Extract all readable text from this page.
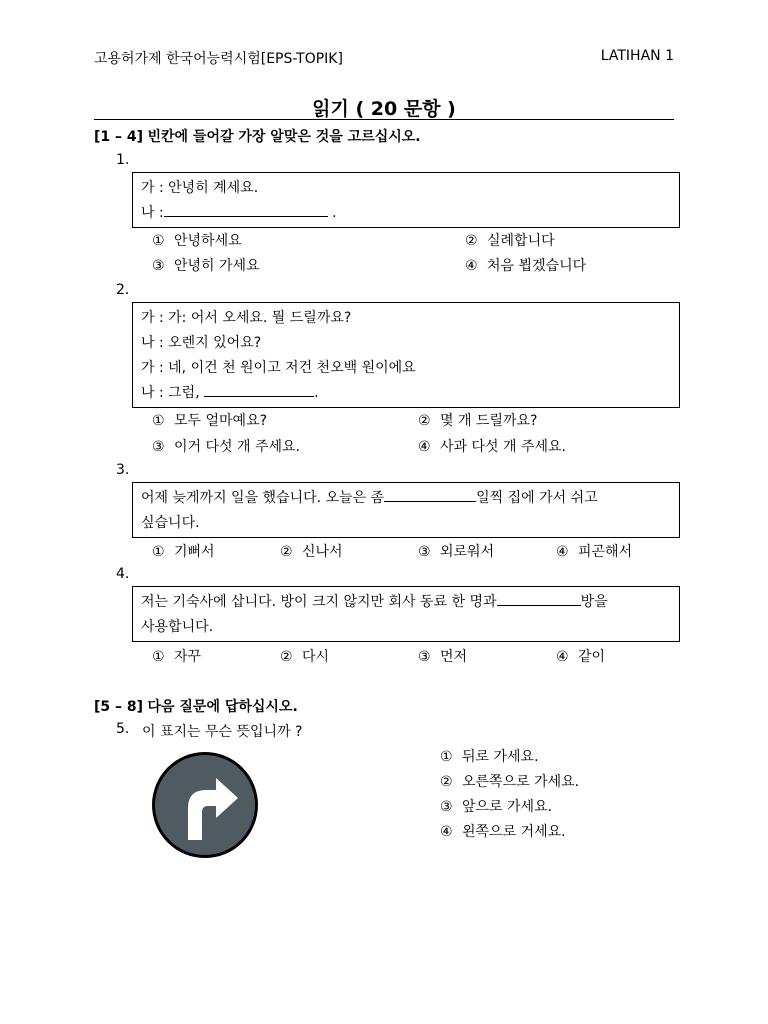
고용허가제 한국어능력시험[EPS-TOPIK]	LATIHAN 1
읽기 ( 20 문항 )
[1 – 4] 빈칸에 들어갈 가장 알맞은 것을 고르십시오.
1.
가 : 안녕히 계세요.
나 :	.
① 안녕하세요	② 실례합니다
③ 안녕히 가세요	④ 처음 뵙겠습니다
2.
가 : 가: 어서 오세요. 뭘 드릴까요?
나 : 오렌지 있어요?
가 : 네, 이건 천 원이고 저건 천오백 원이에요
나 : 그럼,	.
① 모두 얼마예요?	② 몇 개 드릴까요?
③ 이거 다섯 개 주세요.	④ 사과 다섯 개 주세요.
3.
어제 늦게까지 일을 했습니다. 오늘은 좀	일찍 집에 가서 쉬고
싶습니다.
① 기뻐서	② 신나서	③ 외로워서	④ 피곤해서
4.
저는 기숙사에 삽니다. 방이 크지 않지만 회사 동료 한 명과	방을
사용합니다.
① 자꾸	② 다시	③ 먼저	④ 같이
[5 – 8] 다음 질문에 답하십시오.
5. 이 표지는 무슨 뜻입니까 ?
① 뒤로 가세요.
② 오른쪽으로 가세요.
③ 앞으로 가세요.
④ 왼쪽으로 거세요.
